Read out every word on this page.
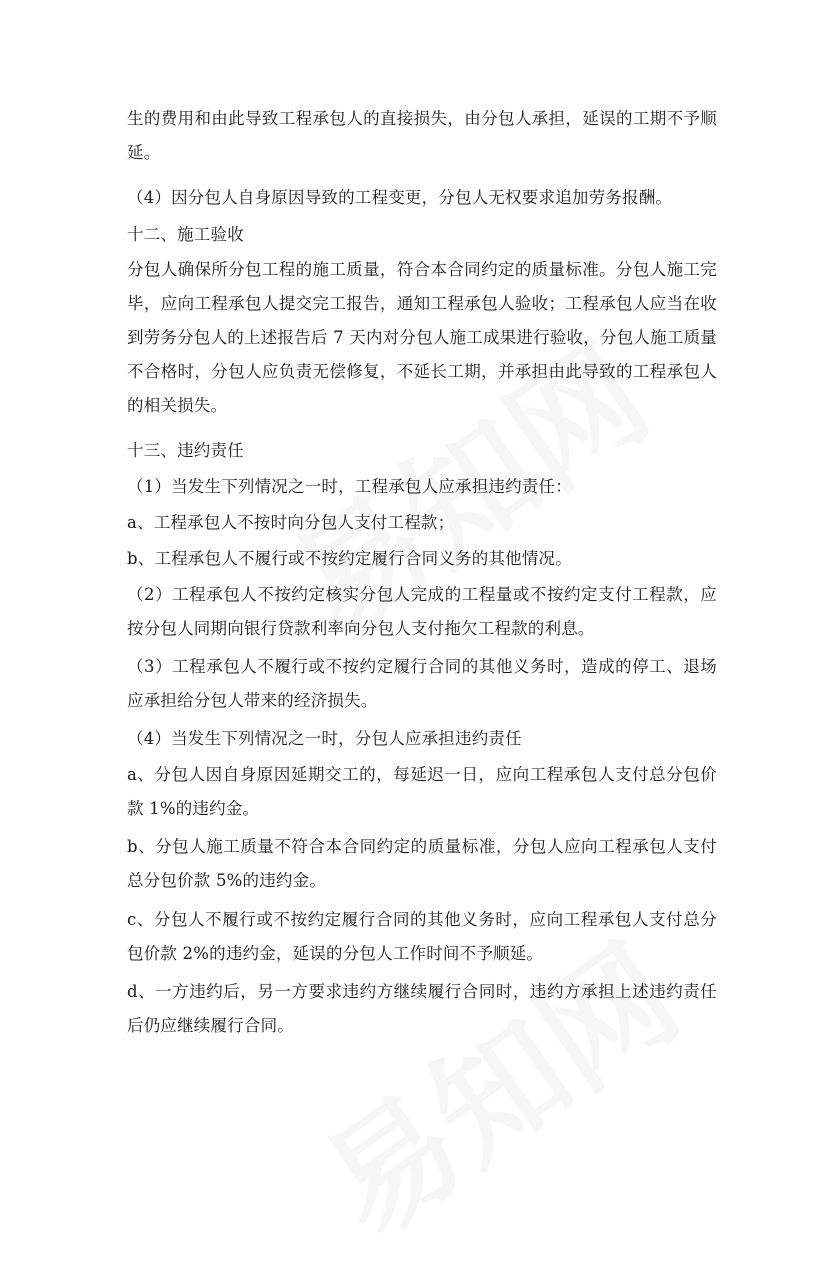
生的费用和由此导致工程承包人的直接损失，由分包人承担，延误的工期不予顺延。

（4）因分包人自身原因导致的工程变更，分包人无权要求追加劳务报酬。

十二、施工验收

分包人确保所分包工程的施工质量，符合本合同约定的质量标准。分包人施工完毕，应向工程承包人提交完工报告，通知工程承包人验收；工程承包人应当在收到劳务分包人的上述报告后 7 天内对分包人施工成果进行验收，分包人施工质量不合格时，分包人应负责无偿修复，不延长工期，并承担由此导致的工程承包人的相关损失。

十三、违约责任

（1）当发生下列情况之一时，工程承包人应承担违约责任：

a、工程承包人不按时向分包人支付工程款；

b、工程承包人不履行或不按约定履行合同义务的其他情况。

（2）工程承包人不按约定核实分包人完成的工程量或不按约定支付工程款，应按分包人同期向银行贷款利率向分包人支付拖欠工程款的利息。

（3）工程承包人不履行或不按约定履行合同的其他义务时，造成的停工、退场应承担给分包人带来的经济损失。

（4）当发生下列情况之一时，分包人应承担违约责任

a、分包人因自身原因延期交工的，每延迟一日，应向工程承包人支付总分包价款 1%的违约金。

b、分包人施工质量不符合本合同约定的质量标准，分包人应向工程承包人支付总分包价款 5%的违约金。

c、分包人不履行或不按约定履行合同的其他义务时，应向工程承包人支付总分包价款 2%的违约金，延误的分包人工作时间不予顺延。

d、一方违约后，另一方要求违约方继续履行合同时，违约方承担上述违约责任后仍应继续履行合同。
